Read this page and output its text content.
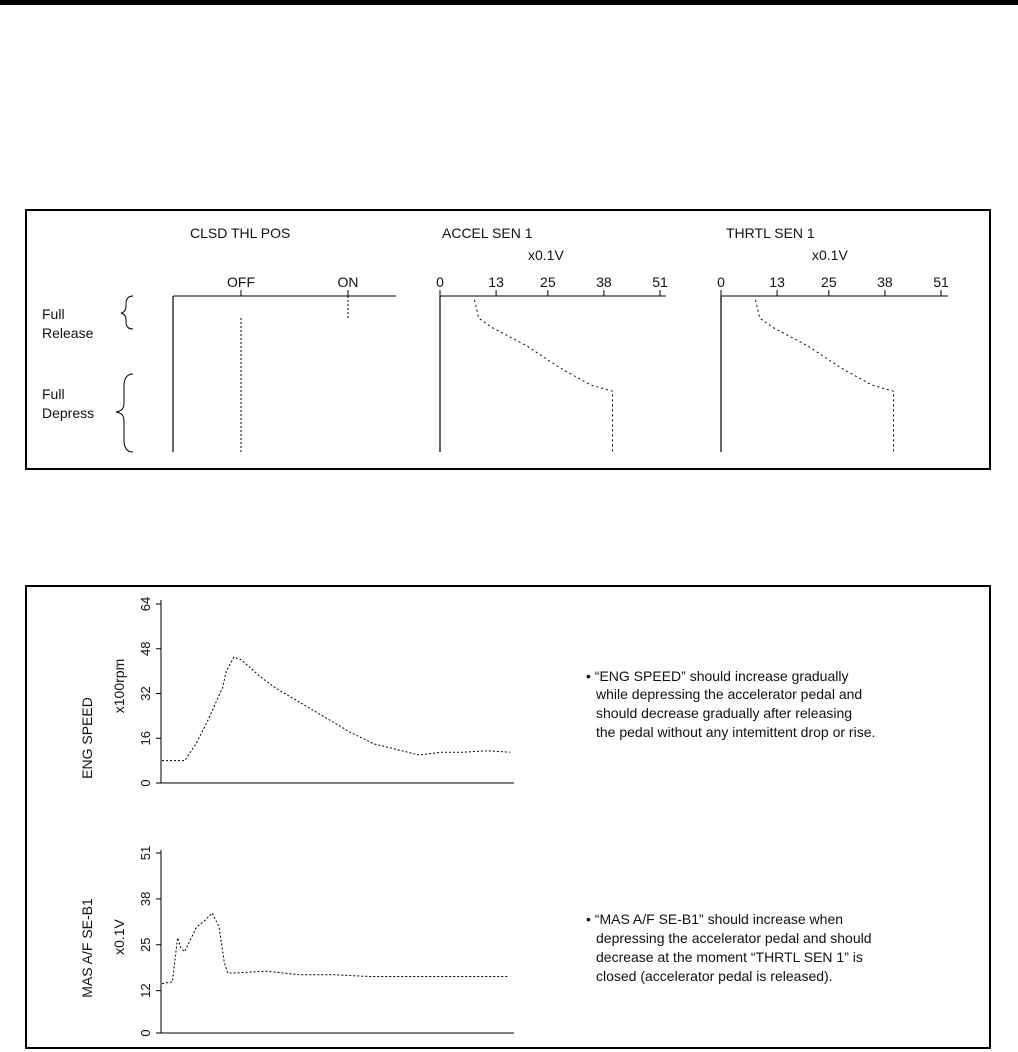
Full
Release
Full
Depress
CLSD THL POS
OFF	ON
ACCEL SEN 1
x0.1V
0	13	25	38	51
THRTL SEN 1
x0.1V
0	13	25	38	51
ENG SPEED
x100rpm
0
16
32
48
64
• “ENG SPEED” should increase gradually
while depressing the accelerator pedal and
should decrease gradually after releasing
the pedal without any intemittent drop or rise.
MAS A/F SE-B1 x0.1V
0
12
25
38
51
• “MAS A/F SE-B1” should increase when
depressing the accelerator pedal and should
decrease at the moment “THRTL SEN 1” is
closed (accelerator pedal is released).
